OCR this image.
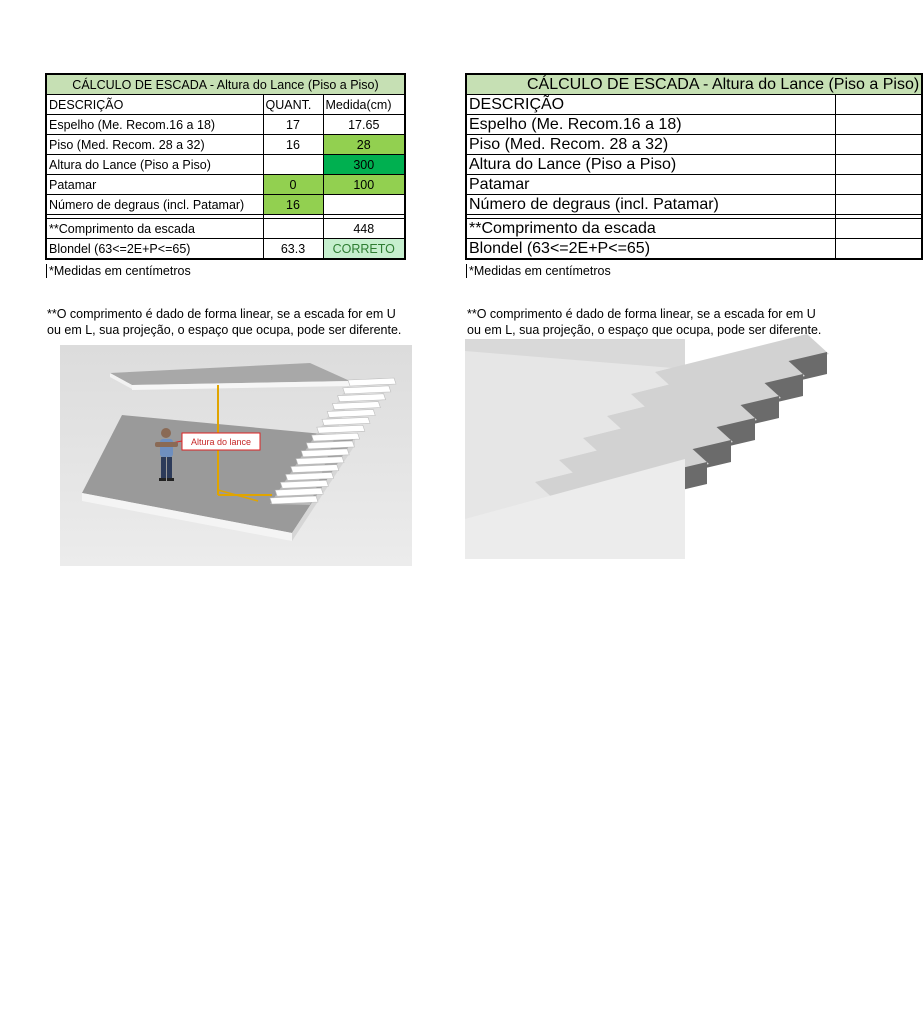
CÁLCULO DE ESCADA - Altura do Lance (Piso a Piso)		
DESCRIÇÃO	QUANT.	Medida(cm)
Espelho (Me. Recom.16 a 18)	17	17.65
Piso (Med. Recom. 28 a 32)	16	28
Altura do Lance (Piso a Piso)		300
Patamar	0	100
Número de degraus (incl. Patamar)	16	

**Comprimento da escada		448
Blondel (63<=2E+P<=65)	63.3	CORRETO
*Medidas em centímetros
**O comprimento é dado de forma linear, se a escada for em U
ou em L, sua projeção, o espaço que ocupa, pode ser diferente.
Altura do lance
CÁLCULO DE ESCADA - Altura do Lance (Piso a Piso)	
DESCRIÇÃO	
Espelho (Me. Recom.16 a 18)	
Piso (Med. Recom. 28 a 32)	
Altura do Lance (Piso a Piso)	
Patamar	
Número de degraus (incl. Patamar)	

**Comprimento da escada	
Blondel (63<=2E+P<=65)	
*Medidas em centímetros
**O comprimento é dado de forma linear, se a escada for em U
ou em L, sua projeção, o espaço que ocupa, pode ser diferente.
